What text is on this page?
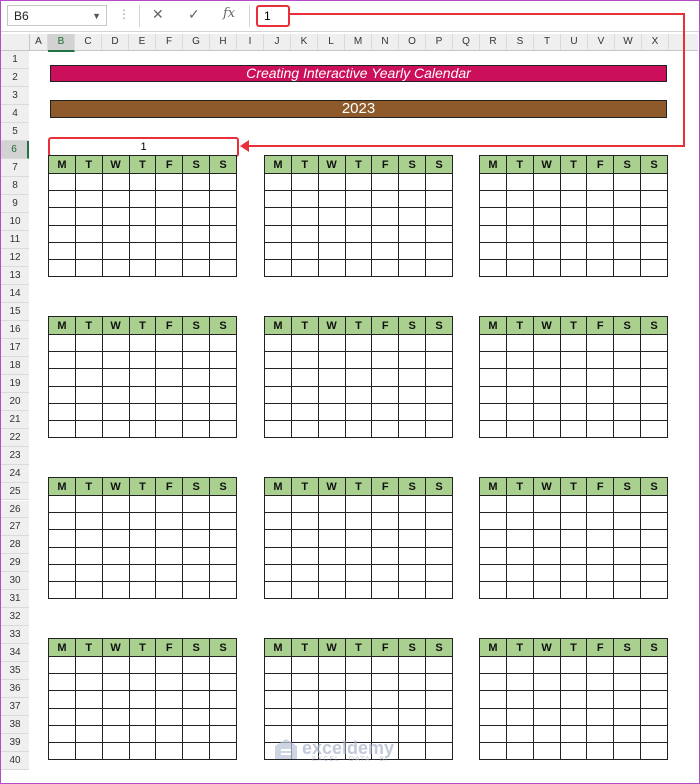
B6	▼ ⋮ ✕ ✓ fx	1
A	B	C	D	E	F	G	H	I	J	K	L	M	N	O	P	Q	R	S	T	U	V	W	X
1
2
3
4
5
6
7
8
9
10
11
12
13
14
15
16
17
18
19
20
21
22
23
24
25
26
27
28
29
30
31
32
33
34
35
36
37
38
39
40
Creating Interactive Yearly Calendar
2023
1
M	T	W	T	F	S	S

							M	T	W	T	F	S	S

							M	T	W	T	F	S	S

M	T	W	T	F	S	S

							M	T	W	T	F	S	S

							M	T	W	T	F	S	S

M	T	W	T	F	S	S

							M	T	W	T	F	S	S

							M	T	W	T	F	S	S

M	T	W	T	F	S	S

							M	T	W	T	F	S	S

							M	T	W	T	F	S	S

exceldemy
EXCEL · DATA · BI
